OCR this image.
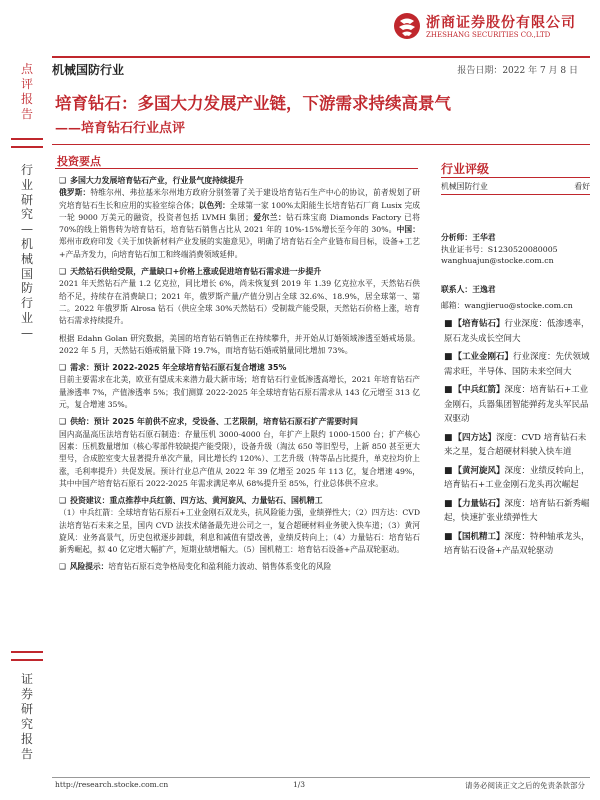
浙商证券股份有限公司
ZHESHANG SECURITIES CO.,LTD
机械国防行业	报告日期：2022 年 7 月 8 日
点评报告
行业研究—机械国防行业—
证券研究报告
培育钻石：多国大力发展产业链，下游需求持续高景气
——培育钻石行业点评
投资要点

❑ 多国大力发展培育钻石产业，行业景气度持续提升

俄罗斯：特维尔州、弗拉基米尔州地方政府分别签署了关于建设培育钻石生产中心的协议，前者规划了研究培育钻石生长和应用的实验室综合体；以色列：全球第一家 100%太阳能生长培育钻石厂商 Lusix 完成一轮 9000 万美元的融资，投资者包括 LVMH 集团；爱尔兰：钻石珠宝商 Diamonds Factory 已将 70%的线上销售转为培育钻石，培育钻石销售占比从 2021 年的 10%-15%增长至今年的 30%。中国：郑州市政府印发《关于加快新材料产业发展的实施意见》，明确了培育钻石全产业链布局目标，设备+工艺+产品齐发力，向培育钻石加工和终端消费领域延伸。

❑ 天然钻石供给受限，产量缺口+价格上涨或促进培育钻石需求进一步提升

2021 年天然钻石产量 1.2 亿克拉，同比增长 6%，尚未恢复到 2019 年 1.39 亿克拉水平，天然钻石供给不足，持续存在消费缺口；2021 年，俄罗斯产量/产值分别占全球 32.6%、18.9%，居全球第一、第二。2022 年俄罗斯 Alrosa 钻石（供应全球 30%天然钻石）受制裁产能受限，天然钻石价格上涨，培育钻石需求持续提升。

根据 Edahn Golan 研究数据，美国的培育钻石销售正在持续攀升，并开始从订婚领域渗透至婚戒场景。2022 年 5 月，天然钻石婚戒销量下降 19.7%，而培育钻石婚戒销量同比增加 73%。

❑ 需求：预计 2022-2025 年全球培育钻石原石复合增速 35%

目前主要需求在北美，欧亚有望成未来潜力最大新市场；培育钻石行业低渗透高增长，2021 年培育钻石产量渗透率 7%，产值渗透率 5%；我们测算 2022-2025 年全球培育钻石原石需求从 143 亿元增至 313 亿元，复合增速 35%。

❑ 供给：预计 2025 年前供不应求，受设备、工艺限制，培育钻石原石扩产需要时间

国内高温高压法培育钻石原石制造：存量压机 3000-4000 台，年扩产上限约 1000-1500 台；扩产核心因素：压机数量增加（核心零部件较缺提产能受限），设备升级（淘汰 650 等旧型号，上新 850 甚至更大型号，合成腔室变大显著提升单次产量，同比增长约 120%）、工艺升级（特等品占比提升，单克拉均价上涨，毛利率提升）共促发展。预计行业总产值从 2022 年 39 亿增至 2025 年 113 亿，复合增速 49%，其中中国产培育钻石原石 2022-2025 年需求满足率从 68%提升至 85%，行业总体供不应求。

❑ 投资建议：重点推荐中兵红箭、四方达、黄河旋风、力量钻石、国机精工

（1）中兵红箭：全球培育钻石原石+工业金刚石双龙头，抗风险能力强，业绩弹性大；（2）四方达：CVD 法培育钻石未来之星，国内 CVD 法技术储备最先进公司之一，复合超硬材料业务驶入快车道；（3）黄河旋风：业务高景气，历史包袱逐步卸载，利息和减值有望改善，业绩反转向上；（4）力量钻石：培育钻石新秀崛起，拟 40 亿定增大幅扩产，短期业绩增幅大。（5）国机精工：培育钻石设备+产品双轮驱动。

❑ 风险提示：培育钻石原石竞争格局变化和盈利能力波动、销售体系变化的风险

行业评级
机械国防行业	看好
分析师：王华君
执业证书号：S1230520080005
wanghuajun@stocke.com.cn
联系人：王逸君
邮箱：wangjieruo@stocke.com.cn
■【培育钻石】行业深度：低渗透率，原石龙头成长空间大
■【工业金刚石】行业深度：先伏领域需求旺，半导体、国防未来空间大
■【中兵红箭】深度：培育钻石+工业金刚石，兵器集团智能弹药龙头军民品双驱动
■【四方达】深度：CVD 培育钻石未来之星，复合超硬材料驶入快车道
■【黄河旋风】深度：业绩反转向上，培育钻石+工业金刚石龙头再次崛起
■【力量钻石】深度：培育钻石新秀崛起，快速扩张业绩弹性大
■【国机精工】深度：特种轴承龙头，培育钻石设备+产品双轮驱动
http://research.stocke.com.cn	1/3	请务必阅读正文之后的免责条款部分
